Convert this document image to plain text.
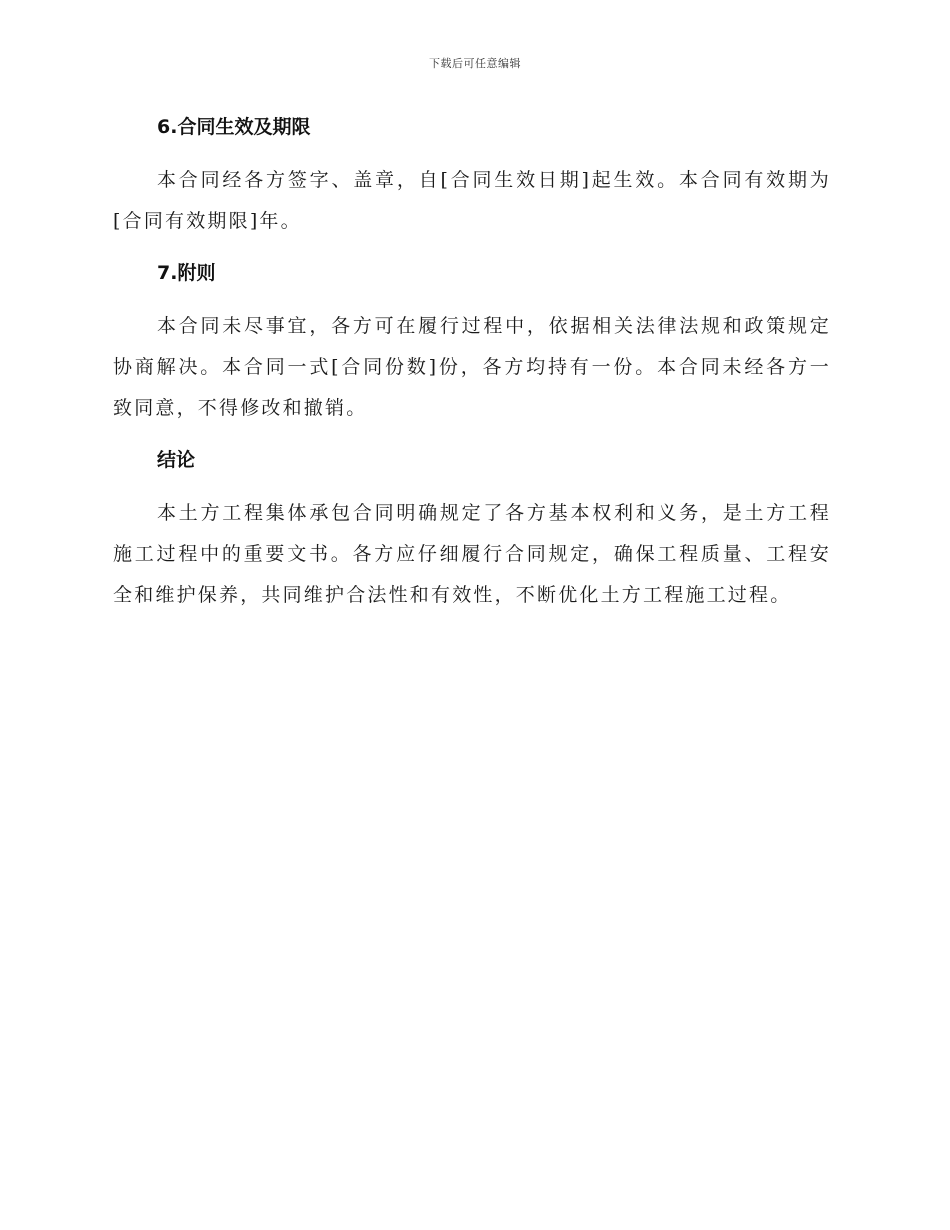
下载后可任意编辑
6.合同生效及期限

本合同经各方签字、盖章，自[合同生效日期]起生效。本合同有效期为[合同有效期限]年。

7.附则

本合同未尽事宜，各方可在履行过程中，依据相关法律法规和政策规定协商解决。本合同一式[合同份数]份，各方均持有一份。本合同未经各方一致同意，不得修改和撤销。

结论

本土方工程集体承包合同明确规定了各方基本权利和义务，是土方工程施工过程中的重要文书。各方应仔细履行合同规定，确保工程质量、工程安全和维护保养，共同维护合法性和有效性，不断优化土方工程施工过程。
